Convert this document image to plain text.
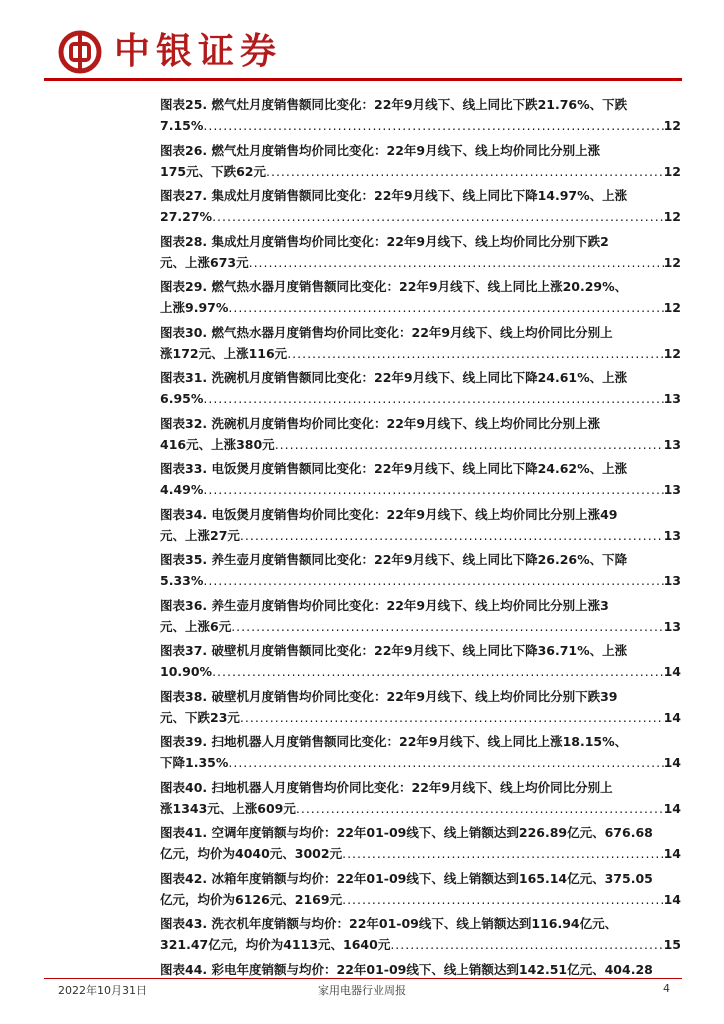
中银证券
图表25. 燃气灶月度销售额同比变化：22年9月线下、线上同比下跌21.76%、下跌
7.15% .....	12
图表26. 燃气灶月度销售均价同比变化：22年9月线下、线上均价同比分别上涨
175元、下跌62元 .....	12
图表27. 集成灶月度销售额同比变化：22年9月线下、线上同比下降14.97%、上涨
27.27% .....	12
图表28. 集成灶月度销售均价同比变化：22年9月线下、线上均价同比分别下跌2
元、上涨673元 .....	12
图表29. 燃气热水器月度销售额同比变化：22年9月线下、线上同比上涨20.29%、
上涨9.97% .....	12
图表30. 燃气热水器月度销售均价同比变化：22年9月线下、线上均价同比分别上
涨172元、上涨116元 .....	12
图表31. 洗碗机月度销售额同比变化：22年9月线下、线上同比下降24.61%、上涨
6.95% .....	13
图表32. 洗碗机月度销售均价同比变化：22年9月线下、线上均价同比分别上涨
416元、上涨380元 .....	13
图表33. 电饭煲月度销售额同比变化：22年9月线下、线上同比下降24.62%、上涨
4.49% .....	13
图表34. 电饭煲月度销售均价同比变化：22年9月线下、线上均价同比分别上涨49
元、上涨27元 .....	13
图表35. 养生壶月度销售额同比变化：22年9月线下、线上同比下降26.26%、下降
5.33% .....	13
图表36. 养生壶月度销售均价同比变化：22年9月线下、线上均价同比分别上涨3
元、上涨6元 .....	13
图表37. 破壁机月度销售额同比变化：22年9月线下、线上同比下降36.71%、上涨
10.90% .....	14
图表38. 破壁机月度销售均价同比变化：22年9月线下、线上均价同比分别下跌39
元、下跌23元 .....	14
图表39. 扫地机器人月度销售额同比变化：22年9月线下、线上同比上涨18.15%、
下降1.35% .....	14
图表40. 扫地机器人月度销售均价同比变化：22年9月线下、线上均价同比分别上
涨1343元、上涨609元 .....	14
图表41. 空调年度销额与均价：22年01-09线下、线上销额达到226.89亿元、676.68
亿元，均价为4040元、3002元 .....	14
图表42. 冰箱年度销额与均价：22年01-09线下、线上销额达到165.14亿元、375.05
亿元，均价为6126元、2169元 .....	14
图表43. 洗衣机年度销额与均价：22年01-09线下、线上销额达到116.94亿元、
321.47亿元，均价为4113元、1640元 .....	15
图表44. 彩电年度销额与均价：22年01-09线下、线上销额达到142.51亿元、404.28
2022年10月31日	家用电器行业周报	4
